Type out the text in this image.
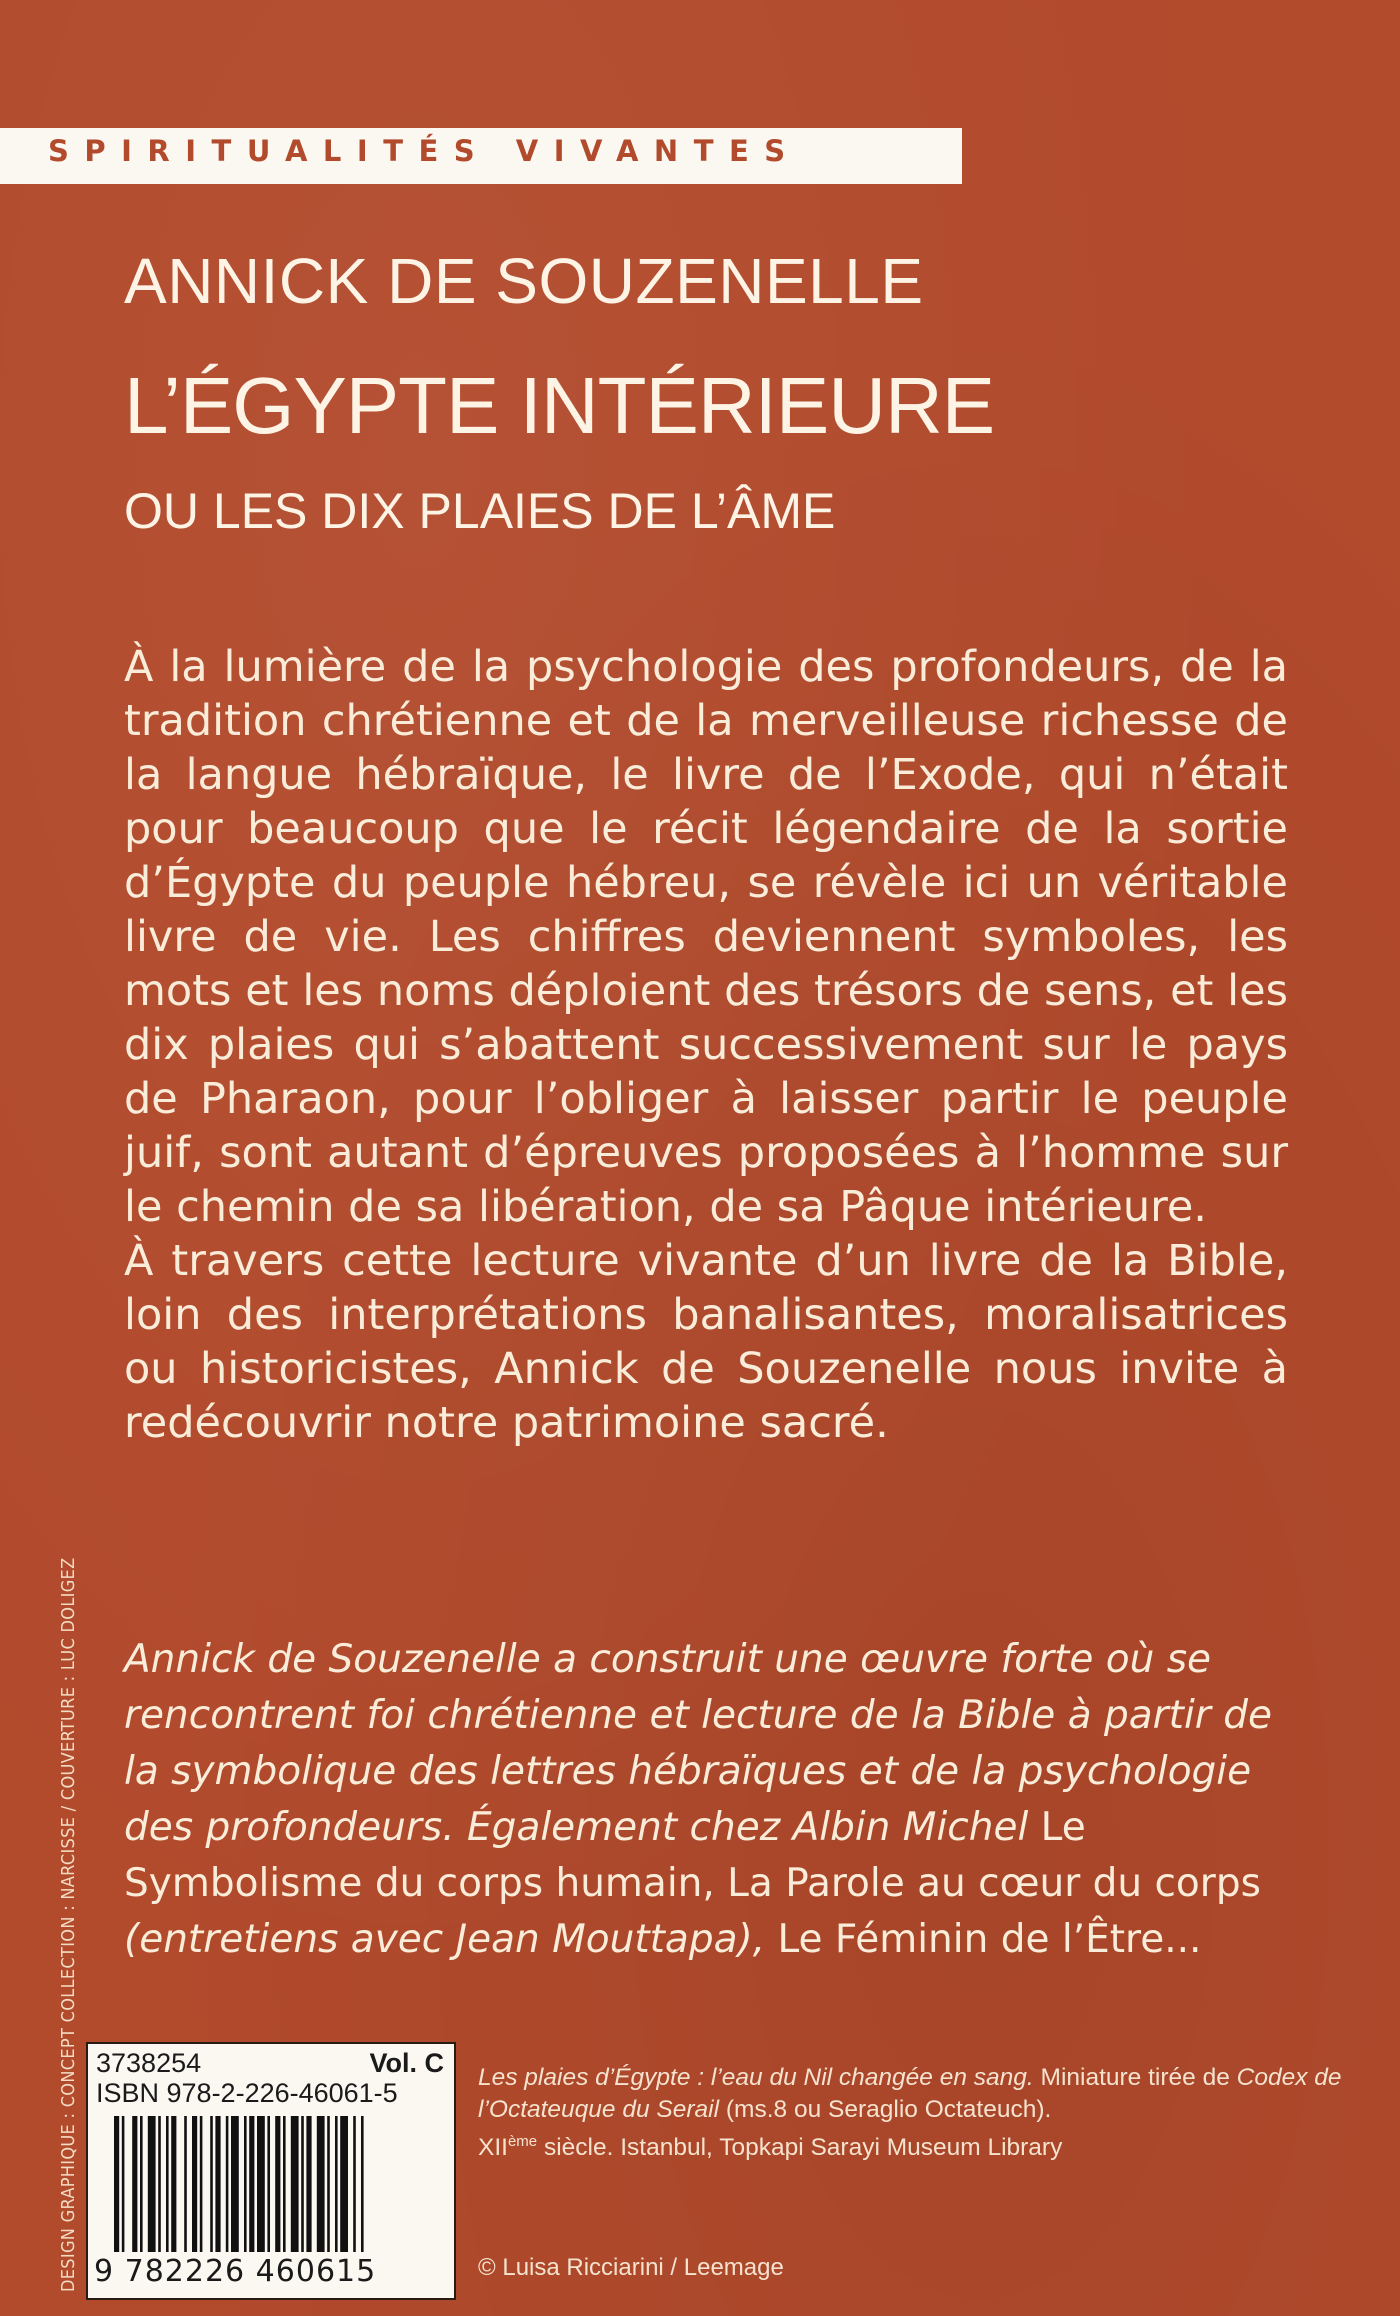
SPIRITUALITÉS VIVANTES
ANNICK DE SOUZENELLE
L’ÉGYPTE INTÉRIEURE
OU LES DIX PLAIES DE L’ÂME

À la lumière de la psychologie des profondeurs, de la tradition chrétienne et de la merveilleuse richesse de la langue hébraïque, le livre de l’Exode, qui n’était pour beaucoup que le récit légendaire de la sortie d’Égypte du peuple hébreu, se révèle ici un véritable livre de vie. Les chiffres deviennent symboles, les mots et les noms déploient des trésors de sens, et les dix plaies qui s’abattent successivement sur le pays de Pharaon, pour l’obliger à laisser partir le peuple juif, sont autant d’épreuves proposées à l’homme sur le chemin de sa libération, de sa Pâque intérieure.

À travers cette lecture vivante d’un livre de la Bible, loin des interprétations banalisantes, moralisatrices ou historicistes, Annick de Souzenelle nous invite à redécouvrir notre patrimoine sacré.

Annick de Souzenelle a construit une œuvre forte où se rencontrent foi chrétienne et lecture de la Bible à partir de la symbolique des lettres hébraïques et de la psychologie des profondeurs. Également chez Albin Michel Le Symbolisme du corps humain, La Parole au cœur du corps (entretiens avec Jean Mouttapa), Le Féminin de l’Être...

DESIGN GRAPHIQUE : CONCEPT COLLECTION : NARCISSE / COUVERTURE : LUC DOLIGEZ 3738254	Vol. C
ISBN 978-2-226-46061-5
9 782226 460615

Les plaies d’Égypte : l’eau du Nil changée en sang. Miniature tirée de Codex de l’Octateuque du Serail (ms.8 ou Seraglio Octateuch).
XIIème siècle. Istanbul, Topkapi Sarayi Museum Library

© Luisa Ricciarini / Leemage
